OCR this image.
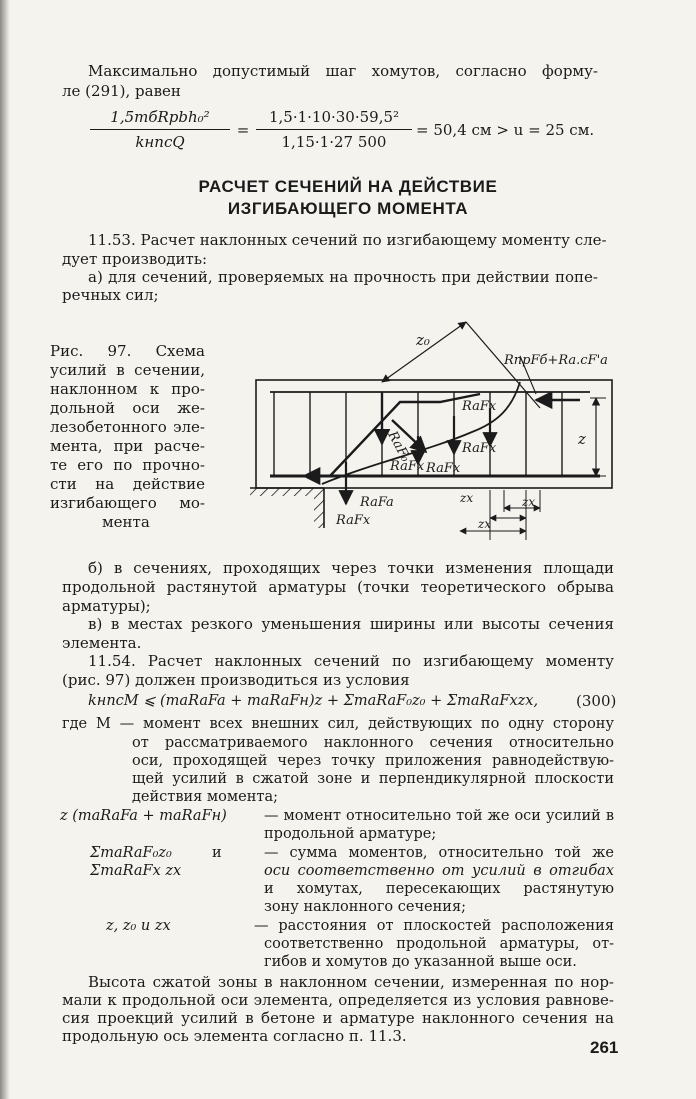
Максимально допустимый шаг хомутов, согласно форму-
ле (291), равен
1,5mбRpbh₀²
kнncQ
=
1,5·1·10·30·59,5²
1,15·1·27 500
= 50,4 см > u = 25 см.
РАСЧЕТ СЕЧЕНИЙ НА ДЕЙСТВИЕ
ИЗГИБАЮЩЕГО МОМЕНТА
11.53. Расчет наклонных сечений по изгибающему моменту сле-
дует производить:
а) для сечений, проверяемых на прочность при действии попе-
речных сил;
Рис. 97. Схема
усилий в сечении,
наклонном к про-
дольной оси же-
лезобетонного эле-
мента, при расче-
те его по прочно-
сти на действие
изгибающего мо-
мента
z₀
RпрFб+Ra.cF'a
RaF₀
RaFx
RaFx
RaFx RaFx
RaFa
RaFx
z
zx	zx
zx
б) в сечениях, проходящих через точки изменения площади
продольной растянутой арматуры (точки теоретического обрыва
арматуры);
в) в местах резкого уменьшения ширины или высоты сечения
элемента.
11.54. Расчет наклонных сечений по изгибающему моменту
(рис. 97) должен производиться из условия
kнncM ⩽ (maRaFa + maRaFн)z + ΣmaRaF₀z₀ + ΣmaRaFxzx,	(300)
где M — момент всех внешних сил, действующих по одну сторону
от рассматриваемого наклонного сечения относительно
оси, проходящей через точку приложения равнодействую-
щей усилий в сжатой зоне и перпендикулярной плоскости
действия момента;
z (maRaFa + maRaFн)	— момент относительно той же оси усилий в
продольной арматуре;
ΣmaRaF₀z₀	и
ΣmaRaFx zx
— сумма моментов, относительно той же
оси соответственно от усилий в отгибах
и хомутах, пересекающих растянутую
зону наклонного сечения;
z, z₀ и zx	— расстояния от плоскостей расположения
соответственно продольной арматуры, от-
гибов и хомутов до указанной выше оси.
Высота сжатой зоны в наклонном сечении, измеренная по нор-
мали к продольной оси элемента, определяется из условия равнове-
сия проекций усилий в бетоне и арматуре наклонного сечения на
продольную ось элемента согласно п. 11.3.
261
